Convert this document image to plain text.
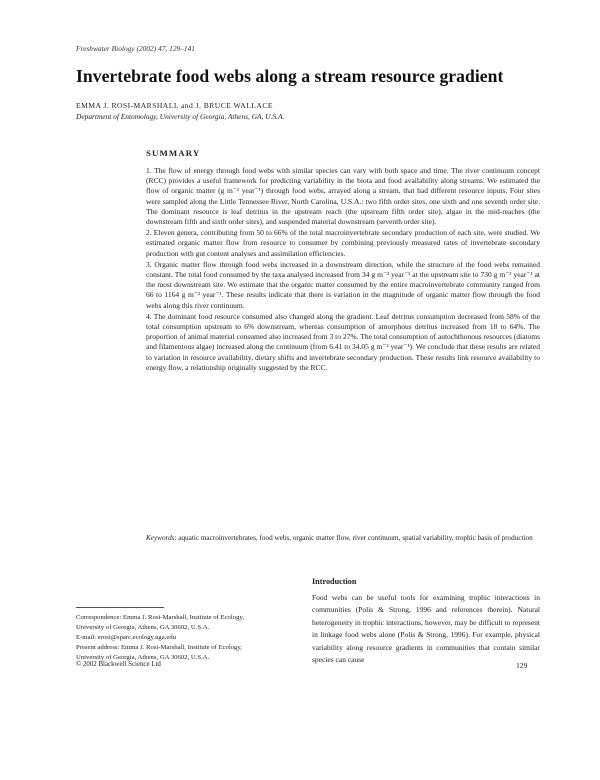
Freshwater Biology (2002) 47, 129–141
Invertebrate food webs along a stream resource gradient
EMMA J. ROSI-MARSHALL and J. BRUCE WALLACE
Department of Entomology, University of Georgia, Athens, GA, U.S.A.
SUMMARY

1. The flow of energy through food webs with similar species can vary with both space and time. The river continuum concept (RCC) provides a useful framework for predicting variability in the biota and food availability along streams. We estimated the flow of organic matter (g m⁻² year⁻¹) through food webs, arrayed along a stream, that had different resource inputs. Four sites were sampled along the Little Tennessee River, North Carolina, U.S.A.: two fifth order sites, one sixth and one seventh order site. The dominant resource is leaf detritus in the upstream reach (the upstream fifth order site), algae in the mid-reaches (the downstream fifth and sixth order sites), and suspended material downstream (seventh order site).

2. Eleven genera, contributing from 50 to 66% of the total macroinvertebrate secondary production of each site, were studied. We estimated organic matter flow from resource to consumer by combining previously measured rates of invertebrate secondary production with gut content analyses and assimilation efficiencies.

3. Organic matter flow through food webs increased in a downstream direction, while the structure of the food webs remained constant. The total food consumed by the taxa analysed increased from 34 g m⁻² year⁻¹ at the upstream site to 730 g m⁻² year⁻¹ at the most downstream site. We estimate that the organic matter consumed by the entire macroinvertebrate community ranged from 66 to 1164 g m⁻² year⁻¹. These results indicate that there is variation in the magnitude of organic matter flow through the food webs along this river continuum.

4. The dominant food resource consumed also changed along the gradient. Leaf detritus consumption decreased from 58% of the total consumption upstream to 6% downstream, whereas consumption of amorphous detritus increased from 18 to 64%. The proportion of animal material consumed also increased from 3 to 27%. The total consumption of autochthonous resources (diatoms and filamentous algae) increased along the continuum (from 6.41 to 34.05 g m⁻² year⁻¹). We conclude that these results are related to variation in resource availability, dietary shifts and invertebrate secondary production. These results link resource availability to energy flow, a relationship originally suggested by the RCC.

Keywords: aquatic macroinvertebrates, food webs, organic matter flow, river continuum, spatial variability, trophic basis of production
Introduction
Food webs can be useful tools for examining trophic interactions in communities (Polis & Strong, 1996 and references therein). Natural heterogeneity in trophic interactions, however, may be difficult to represent in linkage food webs alone (Polis & Strong, 1996). For example, physical variability along resource gradients in communities that contain similar species can cause
Correspondence: Emma J. Rosi-Marshall, Institute of Ecology,
University of Georgia, Athens, GA 30602, U.S.A.
E-mail: erosi@sparc.ecology.uga.edu
Present address: Emma J. Rosi-Marshall, Institute of Ecology,
University of Georgia, Athens, GA 30602, U.S.A.
© 2002 Blackwell Science Ltd	129
